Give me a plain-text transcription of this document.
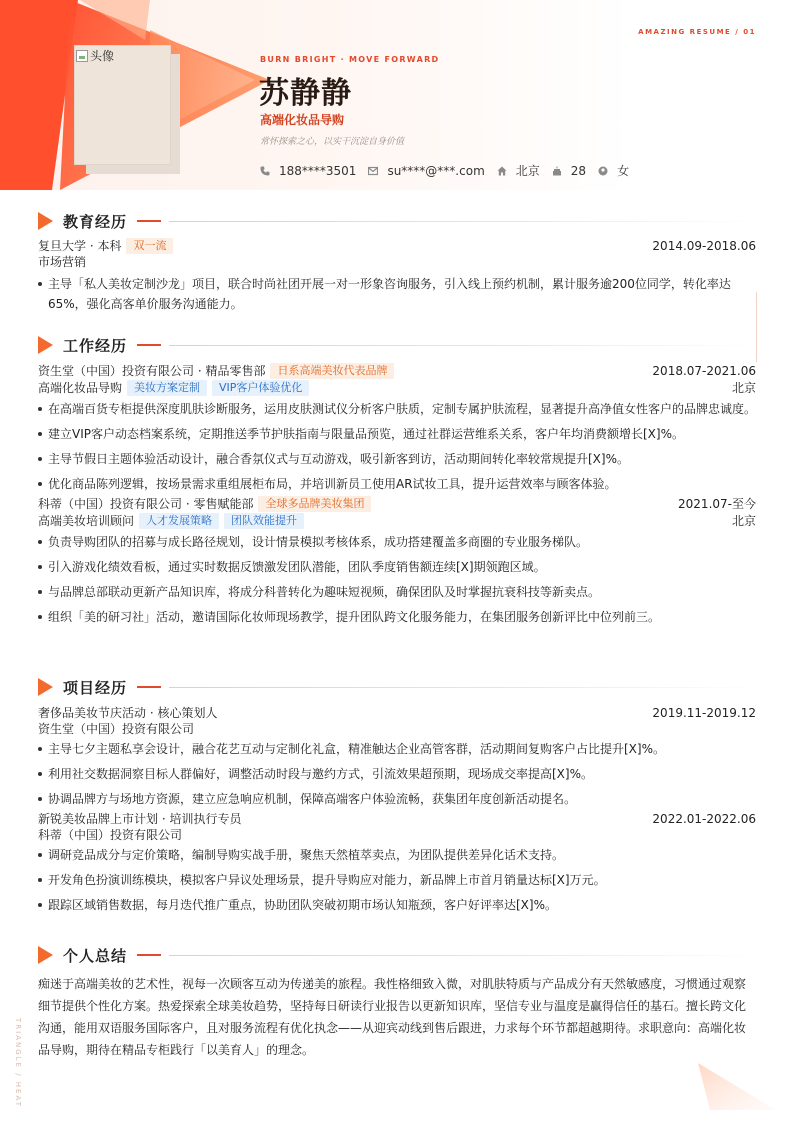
AMAZING RESUME / 01
头像	BURN BRIGHT · MOVE FORWARD
苏静静
高端化妆品导购
常怀探索之心，以实干沉淀自身价值
188****3501	su****@***.com	北京	28	女
教育经历
复旦大学 · 本科	双一流	2014.09-2018.06
市场营销
主导「私人美妆定制沙龙」项目，联合时尚社团开展一对一形象咨询服务，引入线上预约机制，累计服务逾200位同学，转化率达65%，强化高客单价服务沟通能力。
工作经历
资生堂（中国）投资有限公司 · 精品零售部	日系高端美妆代表品牌	2018.07-2021.06
高端化妆品导购	美妆方案定制	VIP客户体验优化	北京
在高端百货专柜提供深度肌肤诊断服务，运用皮肤测试仪分析客户肤质，定制专属护肤流程，显著提升高净值女性客户的品牌忠诚度。
建立VIP客户动态档案系统，定期推送季节护肤指南与限量品预览，通过社群运营维系关系，客户年均消费额增长[X]%。
主导节假日主题体验活动设计，融合香氛仪式与互动游戏，吸引新客到访，活动期间转化率较常规提升[X]%。
优化商品陈列逻辑，按场景需求重组展柜布局，并培训新员工使用AR试妆工具，提升运营效率与顾客体验。
科蒂（中国）投资有限公司 · 零售赋能部	全球多品牌美妆集团	2021.07-至今
高端美妆培训顾问	人才发展策略	团队效能提升	北京
负责导购团队的招募与成长路径规划，设计情景模拟考核体系，成功搭建覆盖多商圈的专业服务梯队。
引入游戏化绩效看板，通过实时数据反馈激发团队潜能，团队季度销售额连续[X]期领跑区域。
与品牌总部联动更新产品知识库，将成分科普转化为趣味短视频，确保团队及时掌握抗衰科技等新卖点。
组织「美的研习社」活动，邀请国际化妆师现场教学，提升团队跨文化服务能力，在集团服务创新评比中位列前三。
项目经历
奢侈品美妆节庆活动 · 核心策划人	2019.11-2019.12
资生堂（中国）投资有限公司
主导七夕主题私享会设计，融合花艺互动与定制化礼盒，精准触达企业高管客群，活动期间复购客户占比提升[X]%。
利用社交数据洞察目标人群偏好，调整活动时段与邀约方式，引流效果超预期，现场成交率提高[X]%。
协调品牌方与场地方资源，建立应急响应机制，保障高端客户体验流畅，获集团年度创新活动提名。
新锐美妆品牌上市计划 · 培训执行专员	2022.01-2022.06
科蒂（中国）投资有限公司
调研竞品成分与定价策略，编制导购实战手册，聚焦天然植萃卖点，为团队提供差异化话术支持。
开发角色扮演训练模块，模拟客户异议处理场景，提升导购应对能力，新品牌上市首月销量达标[X]万元。
跟踪区域销售数据，每月迭代推广重点，协助团队突破初期市场认知瓶颈，客户好评率达[X]%。
个人总结

痴迷于高端美妆的艺术性，视每一次顾客互动为传递美的旅程。我性格细致入微，对肌肤特质与产品成分有天然敏感度，习惯通过观察细节提供个性化方案。热爱探索全球美妆趋势，坚持每日研读行业报告以更新知识库，坚信专业与温度是赢得信任的基石。擅长跨文化沟通，能用双语服务国际客户，且对服务流程有优化执念——从迎宾动线到售后跟进，力求每个环节都超越期待。求职意向：高端化妆品导购，期待在精品专柜践行「以美育人」的理念。

TRIANGLE / HEAT
